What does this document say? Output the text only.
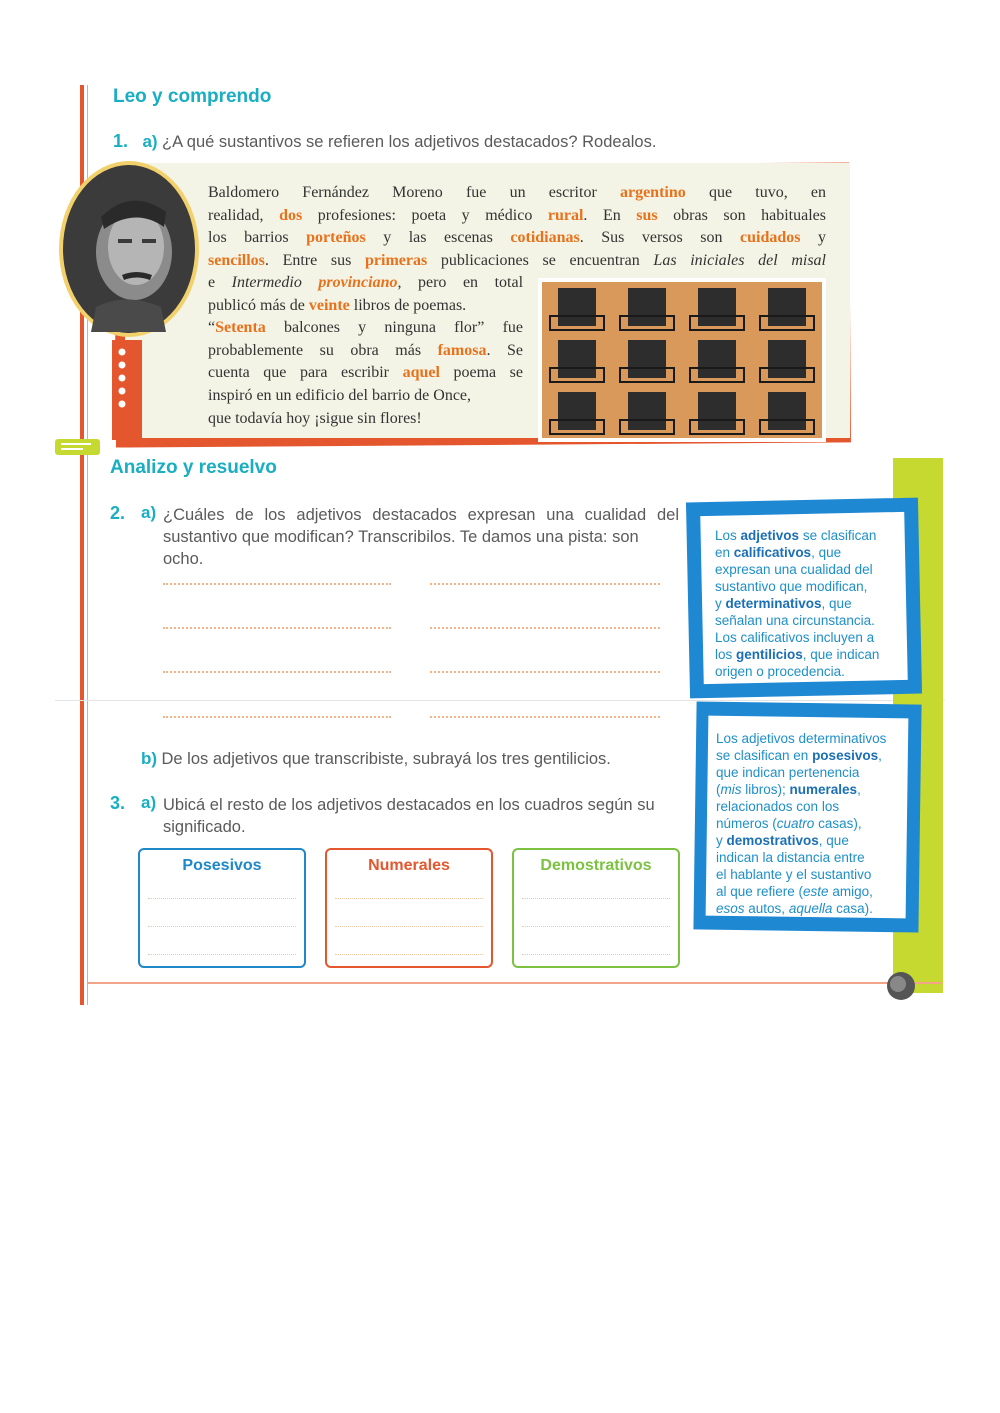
Leo y comprendo
1. a) ¿A qué sustantivos se refieren los adjetivos destacados? Rodealos.
Baldomero Fernández Moreno fue un escritor argentino que tuvo, en
realidad, dos profesiones: poeta y médico rural. En sus obras son habituales
los barrios porteños y las escenas cotidianas. Sus versos son cuidados y
sencillos. Entre sus primeras publicaciones se encuentran Las iniciales del misal
e Intermedio provinciano, pero en total
publicó más de veinte libros de poemas.
“Setenta balcones y ninguna flor” fue
probablemente su obra más famosa. Se
cuenta que para escribir aquel poema se
inspiró en un edificio del barrio de Once,
que todavía hoy ¡sigue sin flores!
Analizo y resuelvo
2. a) ¿Cuáles de los adjetivos destacados expresan una cualidad del
sustantivo que modifican? Transcribilos. Te damos una pista: son ocho.
b) De los adjetivos que transcribiste, subrayá los tres gentilicios.
3. a) Ubicá el resto de los adjetivos destacados en los cuadros según su
significado.
Posesivos	Numerales	Demostrativos
Los adjetivos se clasifican
en calificativos, que
expresan una cualidad del
sustantivo que modifican,
y determinativos, que
señalan una circunstancia.
Los calificativos incluyen a
los gentilicios, que indican
origen o procedencia.
Los adjetivos determinativos
se clasifican en posesivos,
que indican pertenencia
(mis libros); numerales,
relacionados con los
números (cuatro casas),
y demostrativos, que
indican la distancia entre
el hablante y el sustantivo
al que refiere (este amigo,
esos autos, aquella casa).
